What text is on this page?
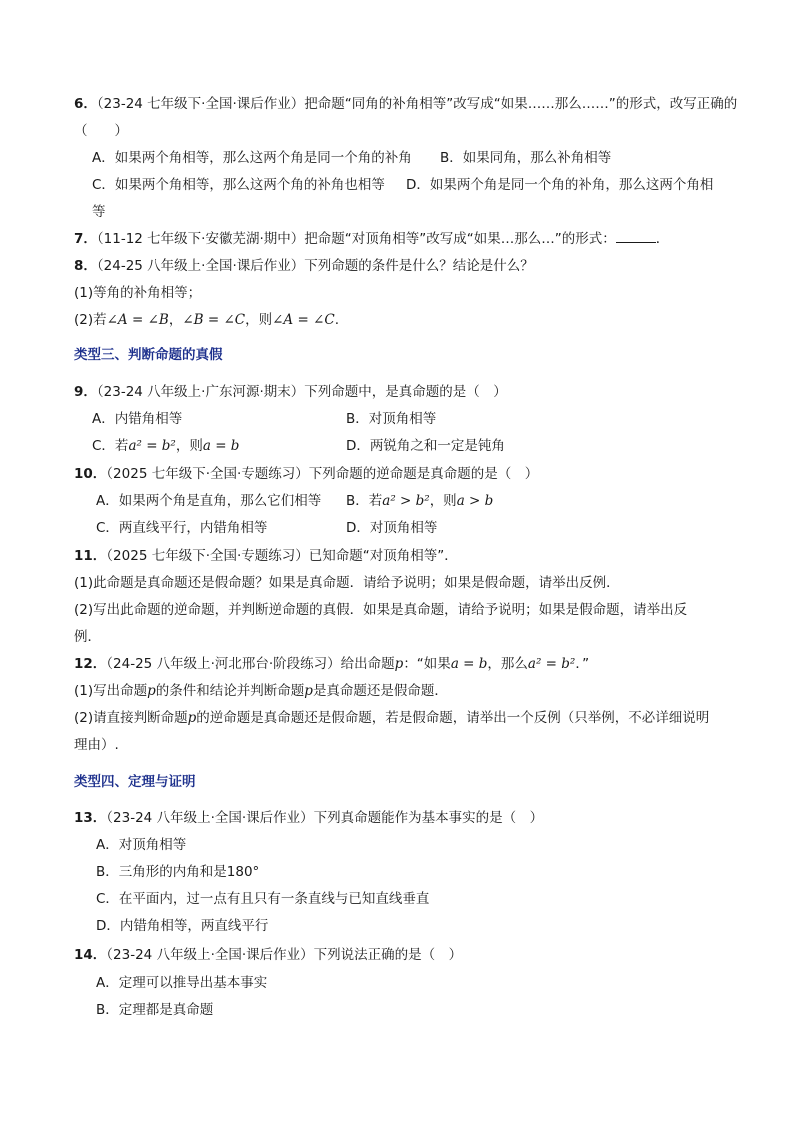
6．（23-24 七年级下·全国·课后作业）把命题“同角的补角相等”改写成“如果……那么……”的形式，改写正确的
（　　）
A．如果两个角相等，那么这两个角是同一个角的补角 B．如果同角，那么补角相等
C．如果两个角相等，那么这两个角的补角也相等 D．如果两个角是同一个角的补角，那么这两个角相
等
7．（11-12 七年级下·安徽芜湖·期中）把命题“对顶角相等”改写成“如果…那么…”的形式：	．
8．（24-25 八年级上·全国·课后作业）下列命题的条件是什么？结论是什么？
(1)等角的补角相等；
(2)若∠A = ∠B，∠B = ∠C，则∠A = ∠C.
类型三、判断命题的真假
9．（23-24 八年级上·广东河源·期末）下列命题中，是真命题的是（　）
A．内错角相等	B．对顶角相等
C．若a² = b²，则a = b	D．两锐角之和一定是钝角
10．（2025 七年级下·全国·专题练习）下列命题的逆命题是真命题的是（　）
A．如果两个角是直角，那么它们相等 B．若a² > b²，则a > b
C．两直线平行，内错角相等	D．对顶角相等
11．（2025 七年级下·全国·专题练习）已知命题“对顶角相等”．
(1)此命题是真命题还是假命题？如果是真命题．请给予说明；如果是假命题，请举出反例．
(2)写出此命题的逆命题，并判断逆命题的真假．如果是真命题，请给予说明；如果是假命题，请举出反
例．
12．（24-25 八年级上·河北邢台·阶段练习）给出命题p：“如果a = b，那么a² = b²．”
(1)写出命题p的条件和结论并判断命题p是真命题还是假命题．
(2)请直接判断命题p的逆命题是真命题还是假命题，若是假命题，请举出一个反例（只举例，不必详细说明
理由）.
类型四、定理与证明
13．（23-24 八年级上·全国·课后作业）下列真命题能作为基本事实的是（　）
A．对顶角相等
B．三角形的内角和是180°
C．在平面内，过一点有且只有一条直线与已知直线垂直
D．内错角相等，两直线平行
14．（23-24 八年级上·全国·课后作业）下列说法正确的是（　）
A．定理可以推导出基本事实
B．定理都是真命题
